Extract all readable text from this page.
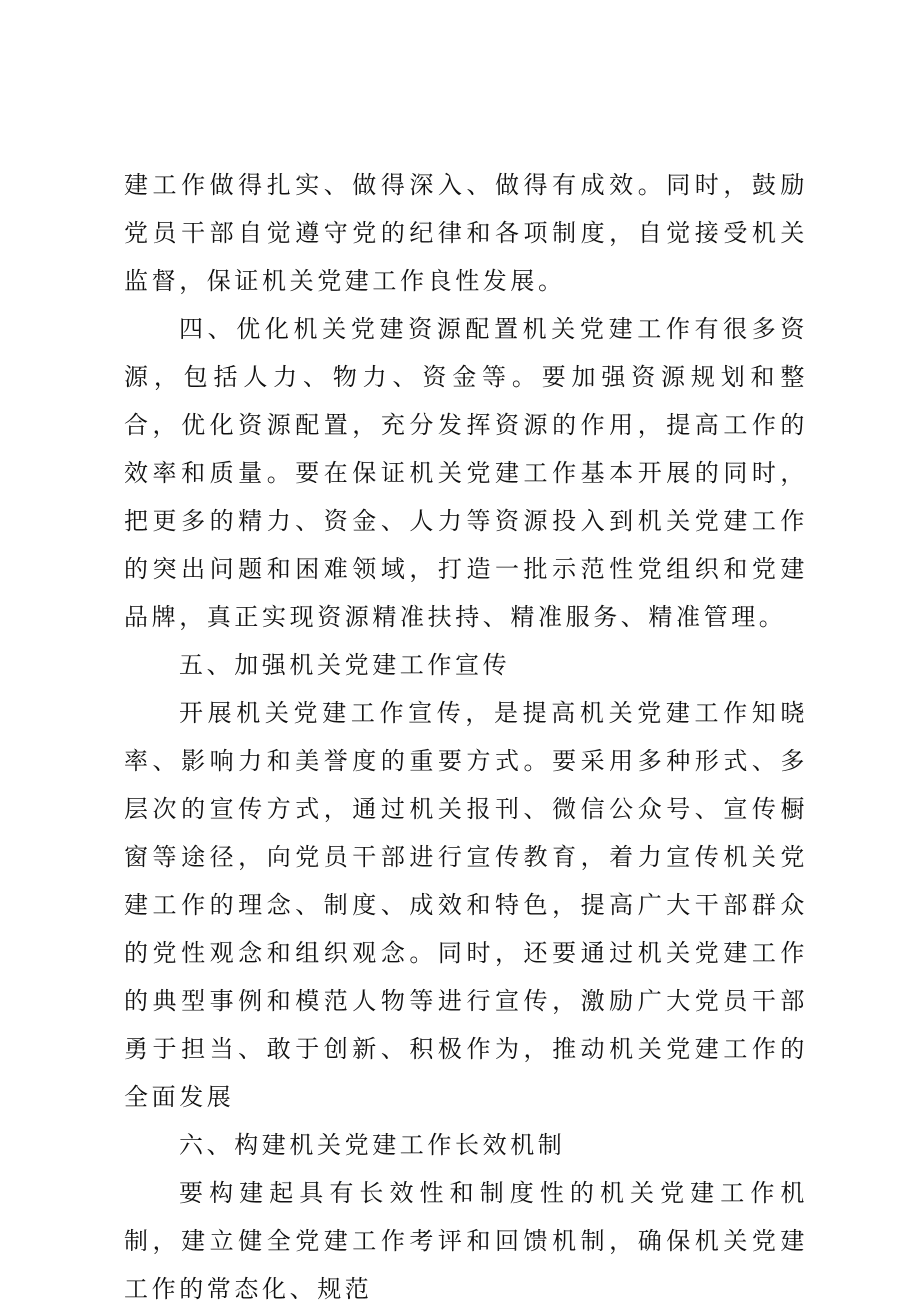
建工作做得扎实、做得深入、做得有成效。同时，鼓励党员干部自觉遵守党的纪律和各项制度，自觉接受机关监督，保证机关党建工作良性发展。

四、优化机关党建资源配置机关党建工作有很多资源，包括人力、物力、资金等。要加强资源规划和整合，优化资源配置，充分发挥资源的作用，提高工作的效率和质量。要在保证机关党建工作基本开展的同时，把更多的精力、资金、人力等资源投入到机关党建工作的突出问题和困难领域，打造一批示范性党组织和党建品牌，真正实现资源精准扶持、精准服务、精准管理。

五、加强机关党建工作宣传

开展机关党建工作宣传，是提高机关党建工作知晓率、影响力和美誉度的重要方式。要采用多种形式、多层次的宣传方式，通过机关报刊、微信公众号、宣传橱窗等途径，向党员干部进行宣传教育，着力宣传机关党建工作的理念、制度、成效和特色，提高广大干部群众的党性观念和组织观念。同时，还要通过机关党建工作的典型事例和模范人物等进行宣传，激励广大党员干部勇于担当、敢于创新、积极作为，推动机关党建工作的全面发展

六、构建机关党建工作长效机制

要构建起具有长效性和制度性的机关党建工作机制，建立健全党建工作考评和回馈机制，确保机关党建工作的常态化、规范
